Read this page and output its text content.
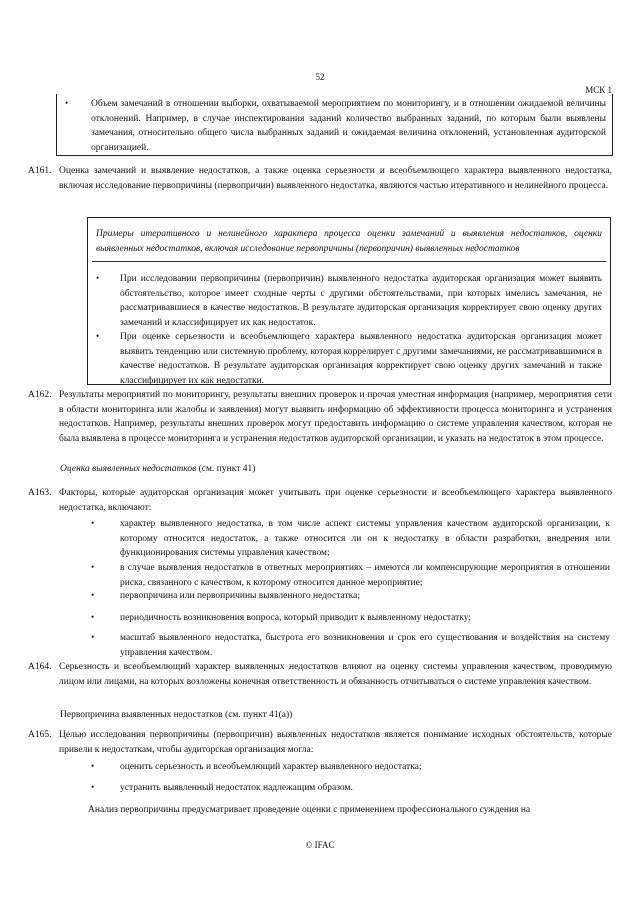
52
МСК 1
• Объем замечаний в отношении выборки, охватываемой мероприятием по мониторингу, и в отношении ожидаемой величины отклонений. Например, в случае инспектирования заданий количество выбранных заданий, по которым были выявлены замечания, относительно общего числа выбранных заданий и ожидаемая величина отклонений, установленная аудиторской организацией.

A161. Оценка замечаний и выявление недостатков, а также оценка серьезности и всеобъемлющего характера выявленного недостатка, включая исследование первопричины (первопричин) выявленного недостатка, являются частью итеративного и нелинейного процесса.

Примеры итеративного и нелинейного характера процесса оценки замечаний и выявления недостатков, оценки выявленных недостатков, включая исследование первопричины (первопричин) выявленных недостатков

• При исследовании первопричины (первопричин) выявленного недостатка аудиторская организация может выявить обстоятельство, которое имеет сходные черты с другими обстоятельствами, при которых имелись замечания, не рассматривавшиеся в качестве недостатков. В результате аудиторская организация корректирует свою оценку других замечаний и классифицирует их как недостаток.

• При оценке серьезности и всеобъемлющего характера выявленного недостатка аудиторская организация может выявить тенденцию или системную проблему, которая коррелирует с другими замечаниями, не рассматривавшимися в качестве недостатков. В результате аудиторская организация корректирует свою оценку других замечаний и также классифицирует их как недостатки.

A162. Результаты мероприятий по мониторингу, результаты внешних проверок и прочая уместная информация (например, мероприятия сети в области мониторинга или жалобы и заявления) могут выявить информацию об эффективности процесса мониторинга и устранения недостатков. Например, результаты внешних проверок могут предоставить информацию о системе управления качеством, которая не была выявлена в процессе мониторинга и устранения недостатков аудиторской организации, и указать на недостаток в этом процессе.

Оценка выявленных недостатков (см. пункт 41)
A163. Факторы, которые аудиторская организация может учитывать при оценке серьезности и всеобъемлющего характера выявленного недостатка, включают:

•	характер выявленного недостатка, в том числе аспект системы управления качеством аудиторской организации, к которому относится недостаток, а также относится ли он к недостатку в области разработки, внедрения или функционирования системы управления качеством;

•	в случае выявления недостатков в ответных мероприятиях – имеются ли компенсирующие мероприятия в отношении риска, связанного с качеством, к которому относится данное мероприятие;

•	первопричина или первопричины выявленного недостатка;

•	периодичность возникновения вопроса, который приводит к выявленному недостатку;

•	масштаб выявленного недостатка, быстрота его возникновения и срок его существования и воздействия на систему управления качеством.

A164. Серьезность и всеобъемлющий характер выявленных недостатков влияют на оценку системы управления качеством, проводимую лицом или лицами, на которых возложены конечная ответственность и обязанность отчитываться о системе управления качеством.

Первопричина выявленных недостатков (см. пункт 41(а))
A165. Целью исследования первопричины (первопричин) выявленных недостатков является понимание исходных обстоятельств, которые привели к недостаткам, чтобы аудиторская организация могла:

•	оценить серьезность и всеобъемлющий характер выявленного недостатка;

•	устранить выявленный недостаток надлежащим образом.

Анализ первопричины предусматривает проведение оценки с применением профессионального суждения на

© IFAC
